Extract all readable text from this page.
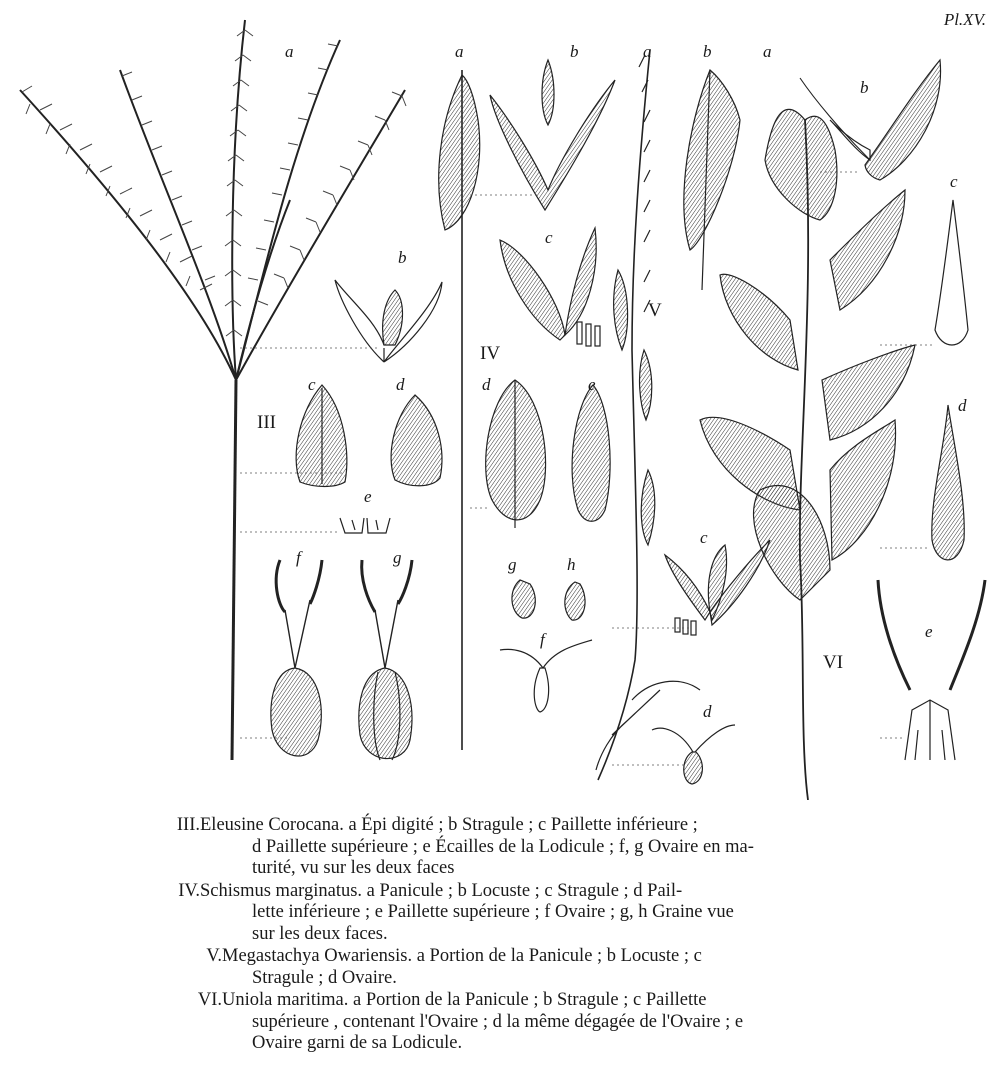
Pl.XV.
III
IV
V
VI
a
b
c	d
e
f	g
a	b
c
d	e
g	h
f
a	b
c
d
a
b
c
d
e
III. Eleusine Corocana. a Épi digité ; b Stragule ; c Paillette inférieure ;
d Paillette supérieure ; e Écailles de la Lodicule ; f, g Ovaire en ma-
turité, vu sur les deux faces
IV. Schismus marginatus. a Panicule ; b Locuste ; c Stragule ; d Pail-
lette inférieure ; e Paillette supérieure ; f Ovaire ; g, h Graine vue
sur les deux faces.
V. Megastachya Owariensis. a Portion de la Panicule ; b Locuste ; c
Stragule ; d Ovaire.
VI. Uniola maritima. a Portion de la Panicule ; b Stragule ; c Paillette
supérieure , contenant l'Ovaire ; d la même dégagée de l'Ovaire ; e
Ovaire garni de sa Lodicule.
